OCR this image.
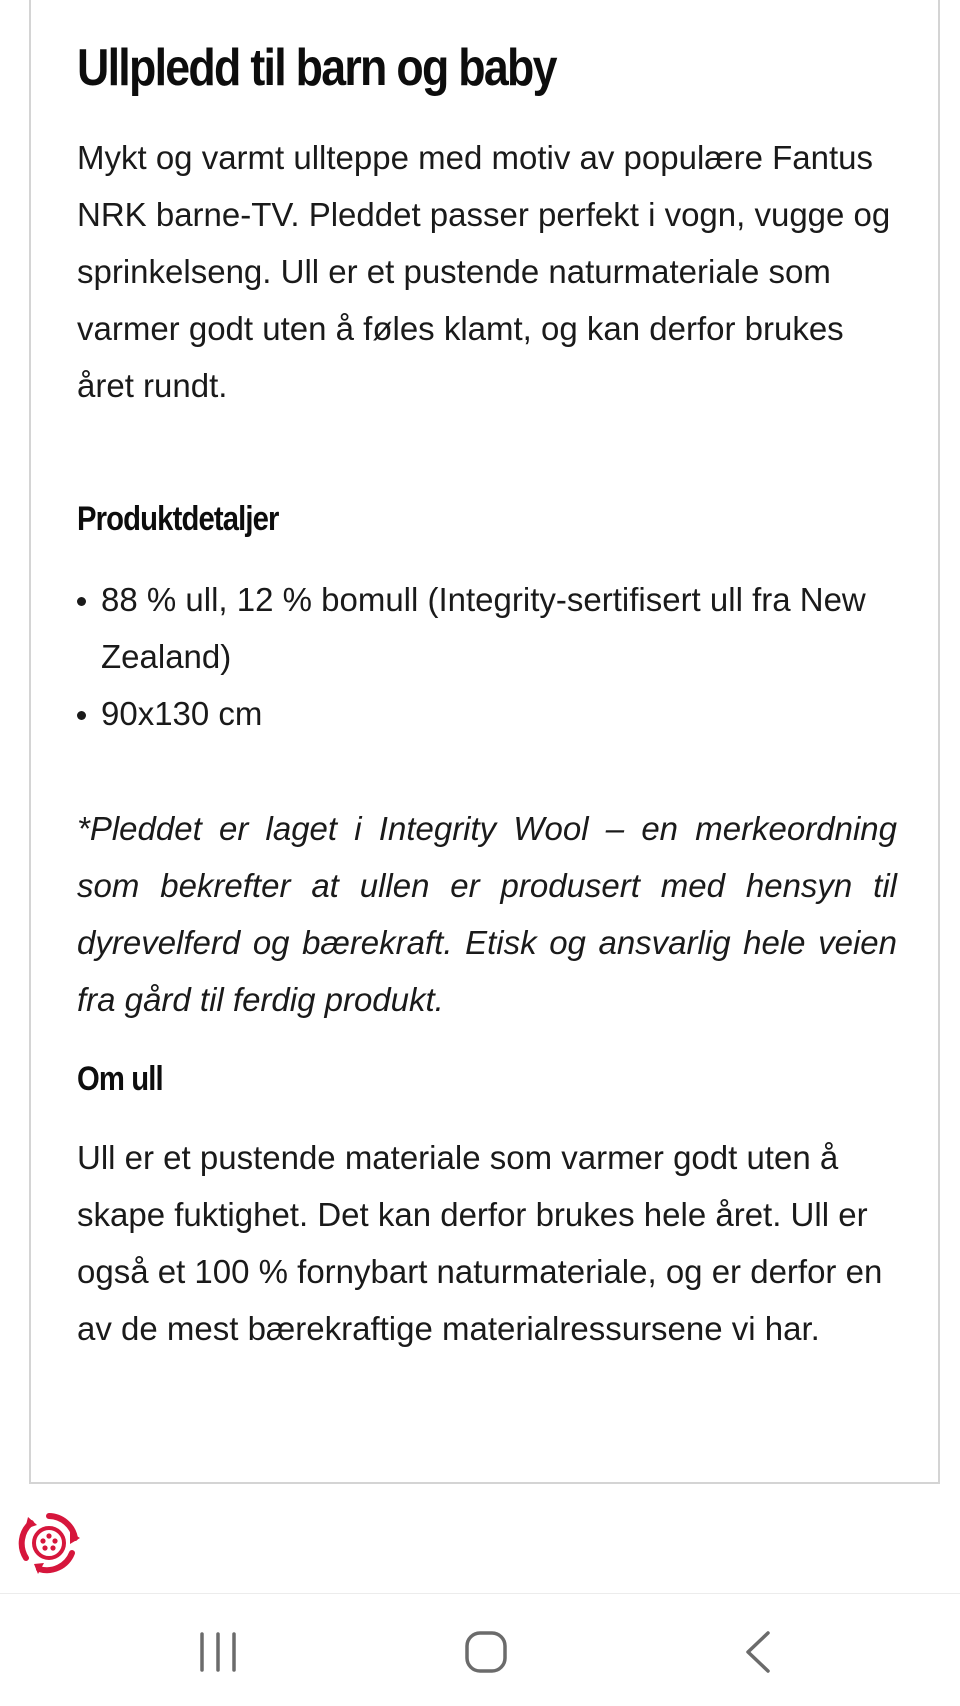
Ullpledd til barn og baby

Mykt og varmt ullteppe med motiv av populære Fantus NRK barne-TV. Pleddet passer perfekt i vogn, vugge og sprinkelseng. Ull er et pustende naturmateriale som varmer godt uten å føles klamt, og kan derfor brukes året rundt.

Produktdetaljer
88 % ull, 12 % bomull (Integrity-sertifisert ull fra New Zealand)
90x130 cm

*Pleddet er laget i Integrity Wool – en merkeordning som bekrefter at ullen er produsert med hensyn til dyrevelferd og bærekraft. Etisk og ansvarlig hele veien fra gård til ferdig produkt.

Om ull

Ull er et pustende materiale som varmer godt uten å skape fuktighet. Det kan derfor brukes hele året. Ull er også et 100 % fornybart naturmateriale, og er derfor en av de mest bærekraftige materialressursene vi har.
